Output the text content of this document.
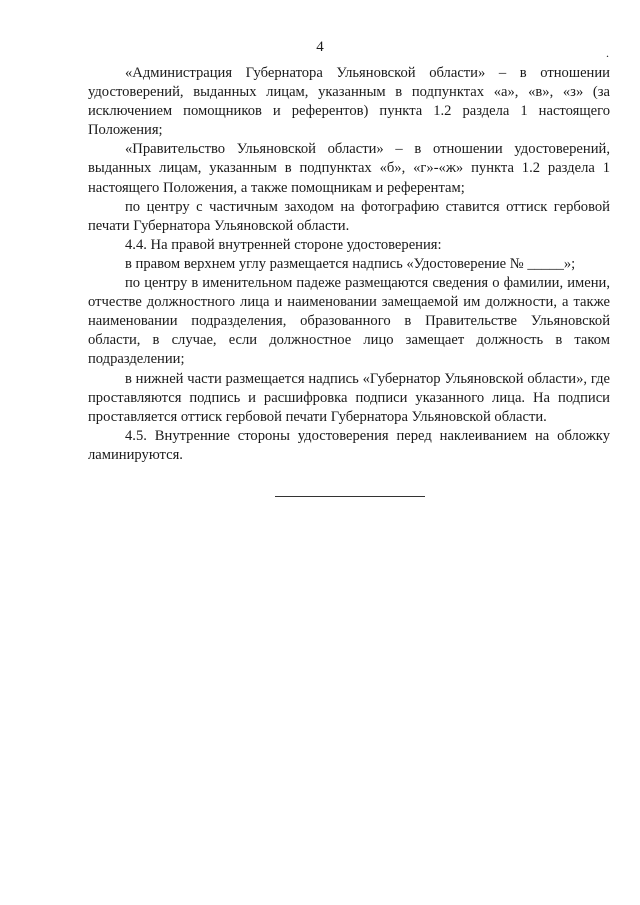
4	.

«Администрация Губернатора Ульяновской области» – в отношении удостоверений, выданных лицам, указанным в подпунктах «а», «в», «з» (за исключением помощников и референтов) пункта 1.2 раздела 1 настоящего Положения;

«Правительство Ульяновской области» – в отношении удостоверений, выданных лицам, указанным в подпунктах «б», «г»-«ж» пункта 1.2 раздела 1 настоящего Положения, а также помощникам и референтам;

по центру с частичным заходом на фотографию ставится оттиск гербовой печати Губернатора Ульяновской области.

4.4. На правой внутренней стороне удостоверения:

в правом верхнем углу размещается надпись «Удостоверение № _____»;

по центру в именительном падеже размещаются сведения о фамилии, имени, отчестве должностного лица и наименовании замещаемой им должности, а также наименовании подразделения, образованного в Правительстве Ульяновской области, в случае, если должностное лицо замещает должность в таком подразделении;

в нижней части размещается надпись «Губернатор Ульяновской области», где проставляются подпись и расшифровка подписи указанного лица. На подписи проставляется оттиск гербовой печати Губернатора Ульяновской области.

4.5. Внутренние стороны удостоверения перед наклеиванием на обложку ламинируются.
